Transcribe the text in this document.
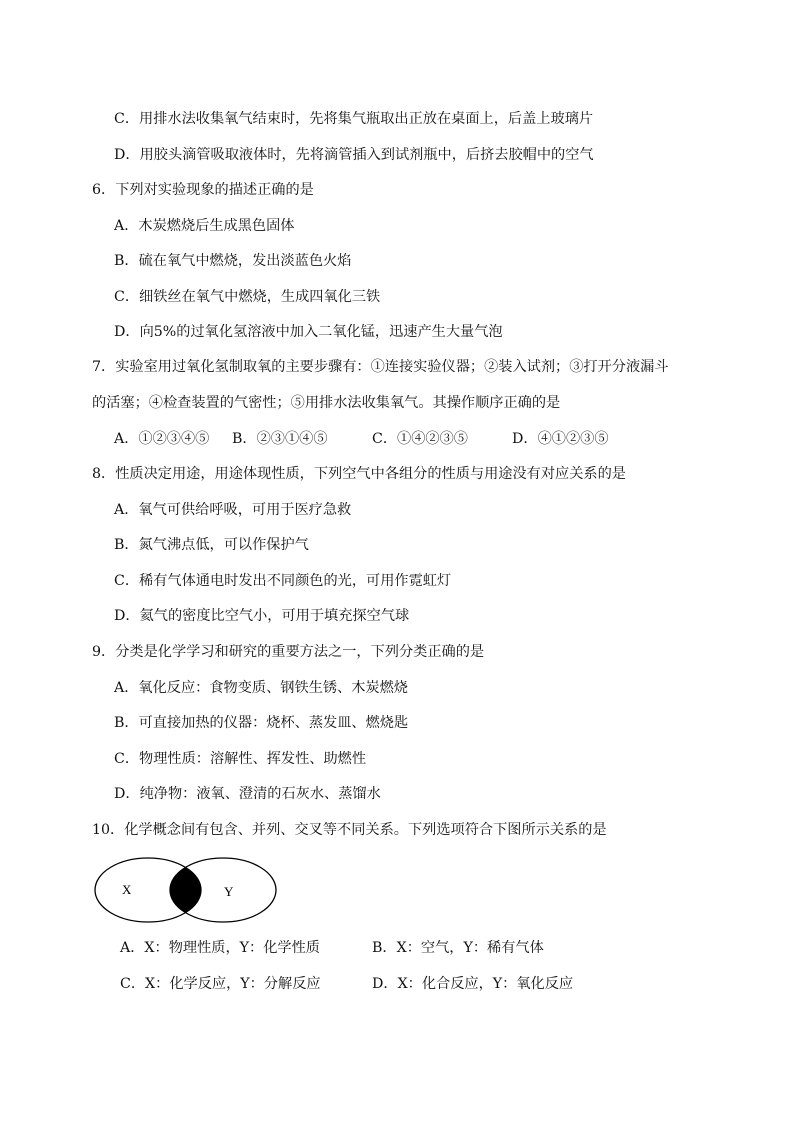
C．用排水法收集氧气结束时，先将集气瓶取出正放在桌面上，后盖上玻璃片
D．用胶头滴管吸取液体时，先将滴管插入到试剂瓶中，后挤去胶帽中的空气
6．下列对实验现象的描述正确的是
A．木炭燃烧后生成黑色固体
B．硫在氧气中燃烧，发出淡蓝色火焰
C．细铁丝在氧气中燃烧，生成四氧化三铁
D．向5%的过氧化氢溶液中加入二氧化锰，迅速产生大量气泡
7．实验室用过氧化氢制取氧的主要步骤有：①连接实验仪器；②装入试剂；③打开分液漏斗
的活塞；④检查装置的气密性；⑤用排水法收集氧气。其操作顺序正确的是
A．①②③④⑤ B．②③①④⑤	C．①④②③⑤	D．④①②③⑤
8．性质决定用途，用途体现性质，下列空气中各组分的性质与用途没有对应关系的是
A．氧气可供给呼吸，可用于医疗急救
B．氮气沸点低，可以作保护气
C．稀有气体通电时发出不同颜色的光，可用作霓虹灯
D．氦气的密度比空气小，可用于填充探空气球
9．分类是化学学习和研究的重要方法之一，下列分类正确的是
A．氧化反应：食物变质、钢铁生锈、木炭燃烧
B．可直接加热的仪器：烧杯、蒸发皿、燃烧匙
C．物理性质：溶解性、挥发性、助燃性
D．纯净物：液氧、澄清的石灰水、蒸馏水
10．化学概念间有包含、并列、交叉等不同关系。下列选项符合下图所示关系的是
X	Y
A．X：物理性质，Y：化学性质	B．X：空气，Y：稀有气体
C．X：化学反应，Y：分解反应	D．X：化合反应，Y：氧化反应
